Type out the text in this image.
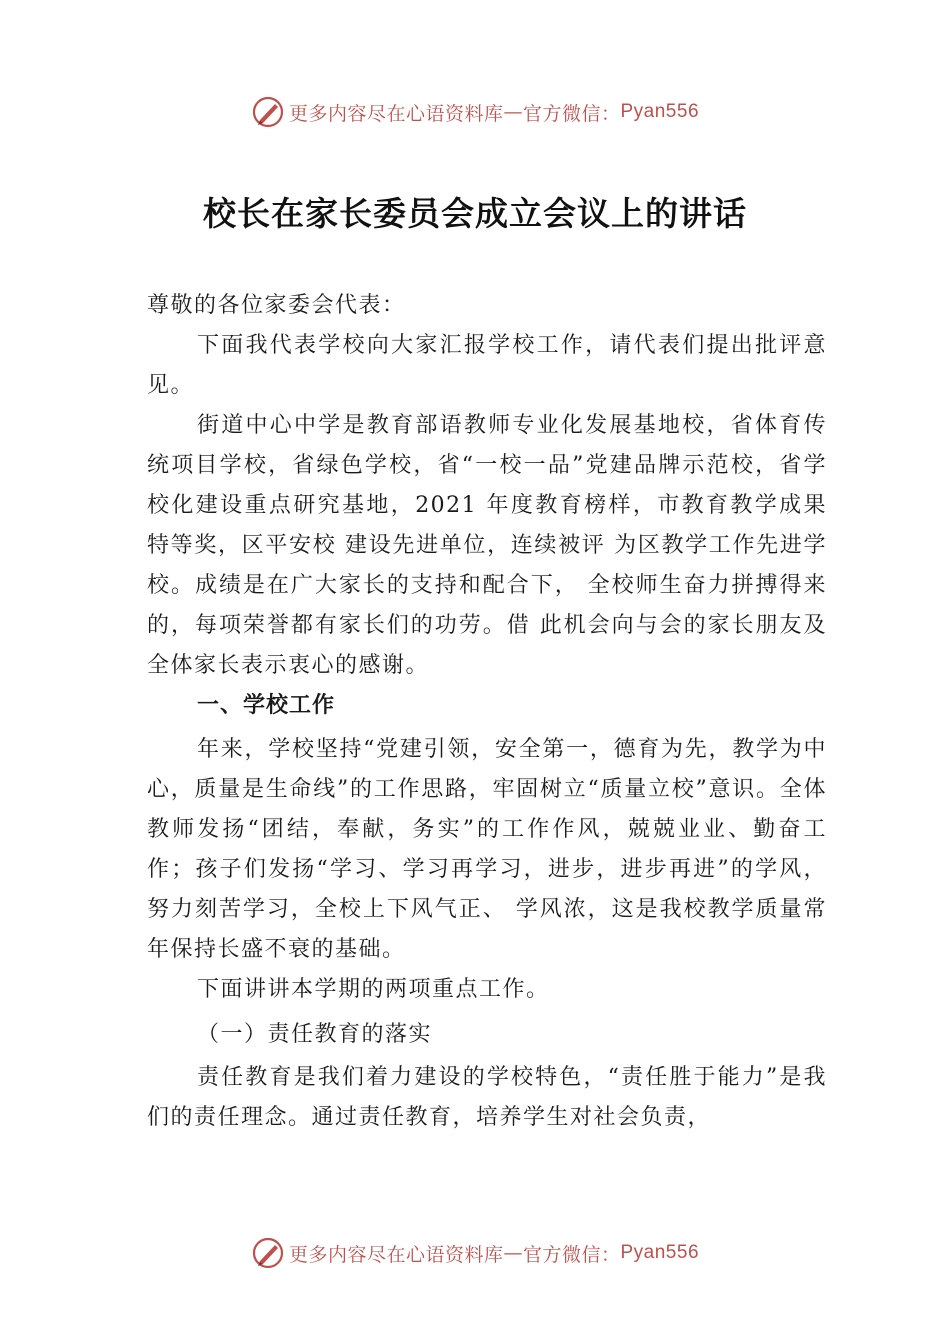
更多内容尽在心语资料库 — 官方微信： Pyan556
校长在家长委员会成立会议上的讲话

尊敬的各位家委会代表：

下面我代表学校向大家汇报学校工作，请代表们提出批评意见。

街道中心中学是教育部语教师专业化发展基地校，省体育传统项目学校，省绿色学校，省“一校一品”党建品牌示范校，省学校化建设重点研究基地，2021 年度教育榜样，市教育教学成果特等奖，区平安校 建设先进单位，连续被评 为区教学工作先进学校。成绩是在广大家长的支持和配合下， 全校师生奋力拼搏得来的，每项荣誉都有家长们的功劳。借 此机会向与会的家长朋友及全体家长表示衷心的感谢。

一、学校工作

年来，学校坚持“党建引领，安全第一，德育为先，教学为中心，质量是生命线”的工作思路，牢固树立“质量立校”意识。全体教师发扬“团结，奉献，务实”的工作作风，兢兢业业、勤奋工作；孩子们发扬“学习、学习再学习，进步，进步再进”的学风，努力刻苦学习，全校上下风气正、 学风浓，这是我校教学质量常年保持长盛不衰的基础。

下面讲讲本学期的两项重点工作。

（一）责任教育的落实

责任教育是我们着力建设的学校特色，“责任胜于能力”是我们的责任理念。通过责任教育，培养学生对社会负责，

更多内容尽在心语资料库 — 官方微信： Pyan556
